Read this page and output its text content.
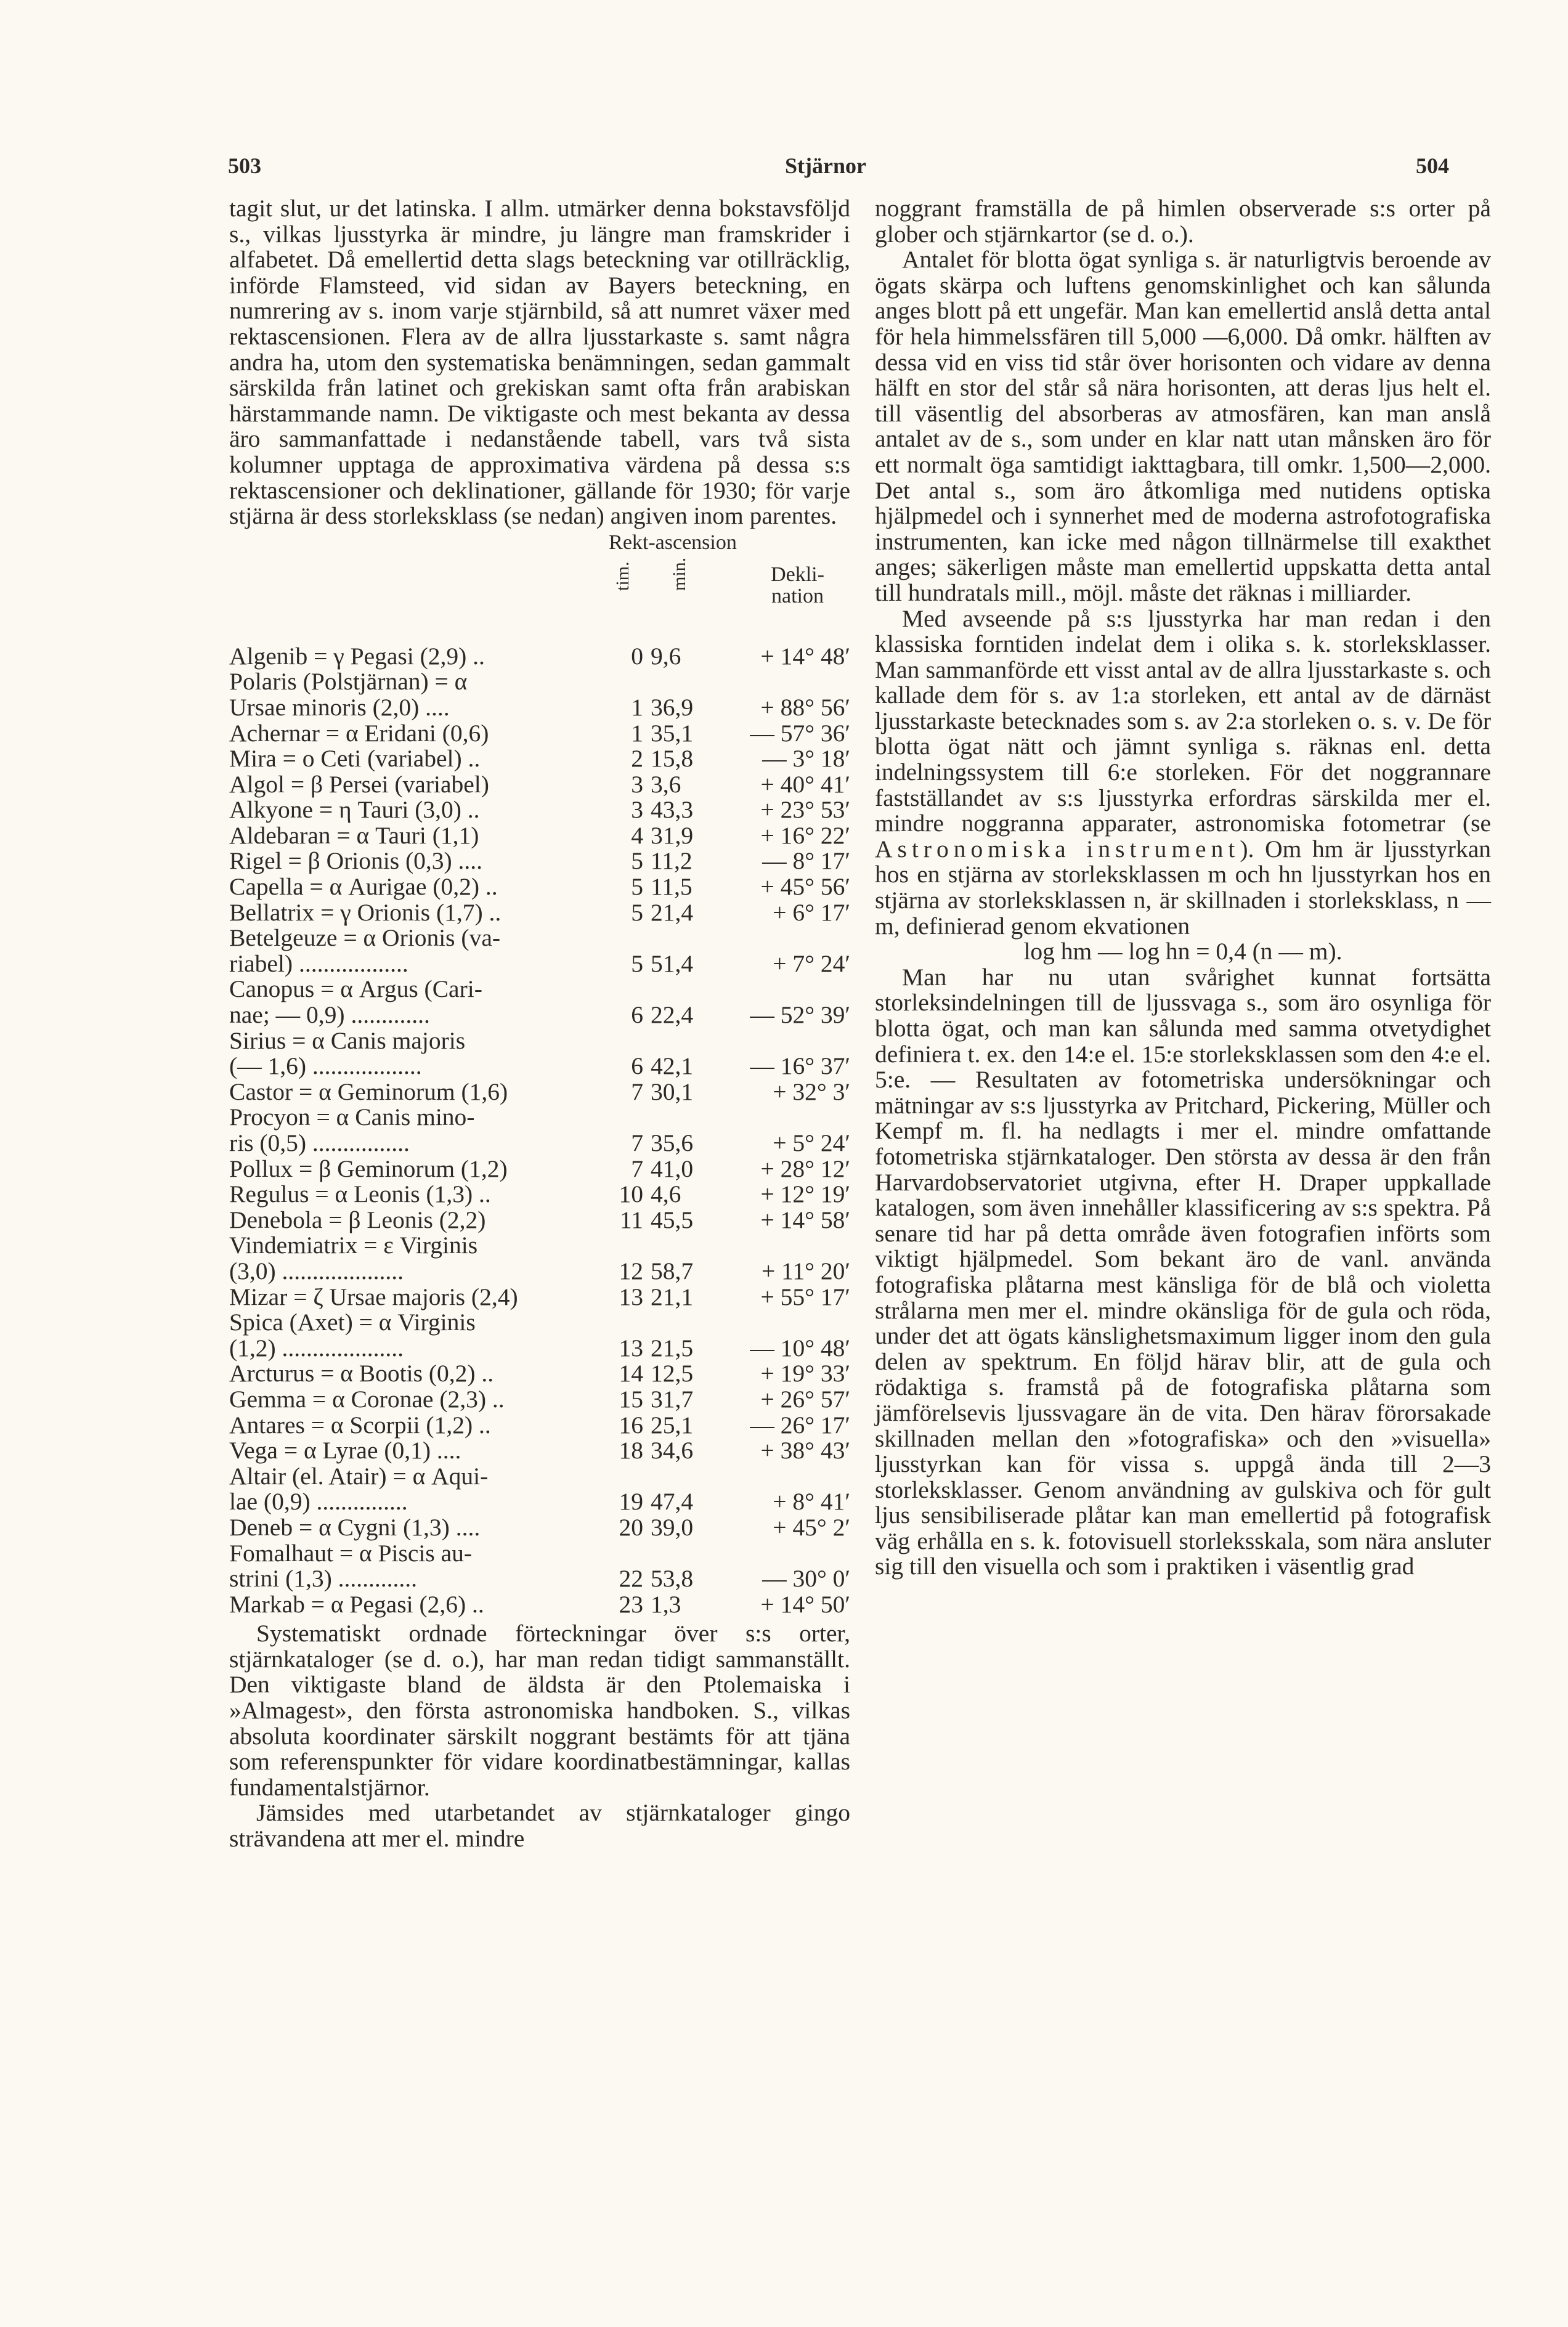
503	Stjärnor	504

tagit slut, ur det latinska. I allm. utmärker denna bokstavsföljd s., vilkas ljusstyrka är mindre, ju längre man framskrider i alfabetet. Då emellertid detta slags beteckning var otillräcklig, införde Flamsteed, vid sidan av Bayers beteckning, en numrering av s. inom varje stjärnbild, så att numret växer med rektascensionen. Flera av de allra ljusstarkaste s. samt några andra ha, utom den systematiska benämningen, sedan gammalt särskilda från latinet och grekiskan samt ofta från arabiskan härstammande namn. De viktigaste och mest bekanta av dessa äro sammanfattade i nedanstående tabell, vars två sista kolumner upptaga de approximativa värdena på dessa s:s rektascensioner och deklinationer, gällande för 1930; för varje stjärna är dess storleksklass (se nedan) angiven inom parentes.

Rekt-ascension
tim. min.	Dekli-nation
Algenib = γ Pegasi (2,9) ..	0 9,6	+ 14° 48′
Polaris (Polstjärnan) = α
Ursae minoris (2,0) ....	1 36,9	+ 88° 56′
Achernar = α Eridani (0,6)	1 35,1	— 57° 36′
Mira = ο Ceti (variabel) ..	2 15,8	— 3° 18′
Algol = β Persei (variabel)	3 3,6	+ 40° 41′
Alkyone = η Tauri (3,0) ..	3 43,3	+ 23° 53′
Aldebaran = α Tauri (1,1)	4 31,9	+ 16° 22′
Rigel = β Orionis (0,3) ....	5 11,2	— 8° 17′
Capella = α Aurigae (0,2) ..	5 11,5	+ 45° 56′
Bellatrix = γ Orionis (1,7) ..	5 21,4	+ 6° 17′
Betelgeuze = α Orionis (va-
riabel) ..................	5 51,4	+ 7° 24′
Canopus = α Argus (Cari-
nae; — 0,9) .............	6 22,4	— 52° 39′
Sirius = α Canis majoris
(— 1,6) ..................	6 42,1	— 16° 37′
Castor = α Geminorum (1,6)	7 30,1	+ 32° 3′
Procyon = α Canis mino-
ris (0,5) ................	7 35,6	+ 5° 24′
Pollux = β Geminorum (1,2)	7 41,0	+ 28° 12′
Regulus = α Leonis (1,3) ..	10 4,6	+ 12° 19′
Denebola = β Leonis (2,2)	11 45,5	+ 14° 58′
Vindemiatrix = ε Virginis
(3,0) ....................	12 58,7	+ 11° 20′
Mizar = ζ Ursae majoris (2,4)	13 21,1	+ 55° 17′
Spica (Axet) = α Virginis
(1,2) ....................	13 21,5	— 10° 48′
Arcturus = α Bootis (0,2) ..	14 12,5	+ 19° 33′
Gemma = α Coronae (2,3) ..	15 31,7	+ 26° 57′
Antares = α Scorpii (1,2) ..	16 25,1	— 26° 17′
Vega = α Lyrae (0,1) ....	18 34,6	+ 38° 43′
Altair (el. Atair) = α Aqui-
lae (0,9) ...............	19 47,4	+ 8° 41′
Deneb = α Cygni (1,3) ....	20 39,0	+ 45° 2′
Fomalhaut = α Piscis au-
strini (1,3) .............	22 53,8	— 30° 0′
Markab = α Pegasi (2,6) ..	23 1,3	+ 14° 50′

Systematiskt ordnade förteckningar över s:s orter, stjärnkataloger (se d. o.), har man redan tidigt sammanställt. Den viktigaste bland de äldsta är den Ptolemaiska i »Almagest», den första astronomiska handboken. S., vilkas absoluta koordinater särskilt noggrant bestämts för att tjäna som referenspunkter för vidare koordinatbestämningar, kallas fundamentalstjärnor.

Jämsides med utarbetandet av stjärnkataloger gingo strävandena att mer el. mindre

noggrant framställa de på himlen observerade s:s orter på glober och stjärnkartor (se d. o.).

Antalet för blotta ögat synliga s. är naturligtvis beroende av ögats skärpa och luftens genomskinlighet och kan sålunda anges blott på ett ungefär. Man kan emellertid anslå detta antal för hela himmelssfären till 5,000 —6,000. Då omkr. hälften av dessa vid en viss tid står över horisonten och vidare av denna hälft en stor del står så nära horisonten, att deras ljus helt el. till väsentlig del absorberas av atmosfären, kan man anslå antalet av de s., som under en klar natt utan månsken äro för ett normalt öga samtidigt iakttagbara, till omkr. 1,500—2,000. Det antal s., som äro åtkomliga med nutidens optiska hjälpmedel och i synnerhet med de moderna astrofotografiska instrumenten, kan icke med någon tillnärmelse till exakthet anges; säkerligen måste man emellertid uppskatta detta antal till hundratals mill., möjl. måste det räknas i milliarder.

Med avseende på s:s ljusstyrka har man redan i den klassiska forntiden indelat dem i olika s. k. storleksklasser. Man sammanförde ett visst antal av de allra ljusstarkaste s. och kallade dem för s. av 1:a storleken, ett antal av de därnäst ljusstarkaste betecknades som s. av 2:a storleken o. s. v. De för blotta ögat nätt och jämnt synliga s. räknas enl. detta indelningssystem till 6:e storleken. För det noggrannare fastställandet av s:s ljusstyrka erfordras särskilda mer el. mindre noggranna apparater, astronomiska fotometrar (se Astronomiska instrument). Om hm är ljusstyrkan hos en stjärna av storleksklassen m och hn ljusstyrkan hos en stjärna av storleksklassen n, är skillnaden i storleksklass, n — m, definierad genom ekvationen

log hm — log hn = 0,4 (n — m).

Man har nu utan svårighet kunnat fortsätta storleksindelningen till de ljussvaga s., som äro osynliga för blotta ögat, och man kan sålunda med samma otvetydighet definiera t. ex. den 14:e el. 15:e storleksklassen som den 4:e el. 5:e. — Resultaten av fotometriska undersökningar och mätningar av s:s ljusstyrka av Pritchard, Pickering, Müller och Kempf m. fl. ha nedlagts i mer el. mindre omfattande fotometriska stjärnkataloger. Den största av dessa är den från Harvardobservatoriet utgivna, efter H. Draper uppkallade katalogen, som även innehåller klassificering av s:s spektra. På senare tid har på detta område även fotografien införts som viktigt hjälpmedel. Som bekant äro de vanl. använda fotografiska plåtarna mest känsliga för de blå och violetta strålarna men mer el. mindre okänsliga för de gula och röda, under det att ögats känslighetsmaximum ligger inom den gula delen av spektrum. En följd härav blir, att de gula och rödaktiga s. framstå på de fotografiska plåtarna som jämförelsevis ljussvagare än de vita. Den härav förorsakade skillnaden mellan den »fotografiska» och den »visuella» ljusstyrkan kan för vissa s. uppgå ända till 2—3 storleksklasser. Genom användning av gulskiva och för gult ljus sensibiliserade plåtar kan man emellertid på fotografisk väg erhålla en s. k. fotovisuell storleksskala, som nära ansluter sig till den visuella och som i praktiken i väsentlig grad
